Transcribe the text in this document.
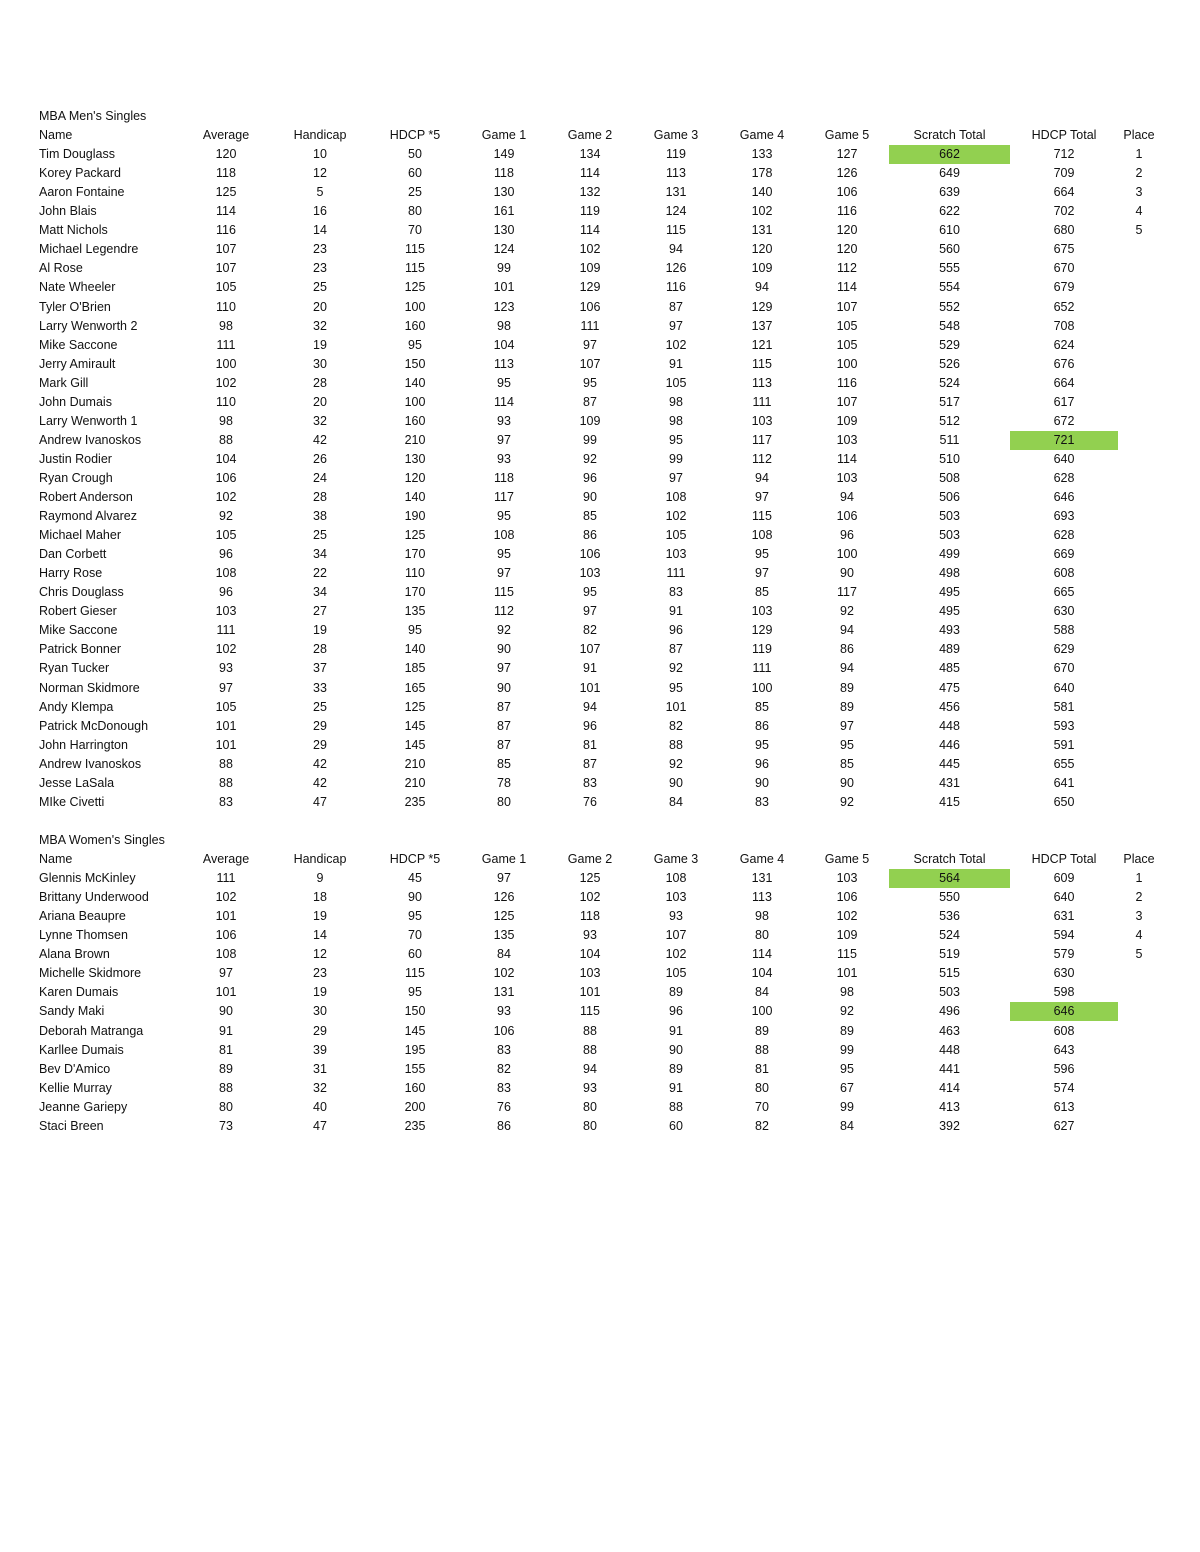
MBA Men's Singles
Name	Average	Handicap	HDCP *5	Game 1	Game 2	Game 3	Game 4	Game 5	Scratch Total	HDCP Total	Place
Tim Douglass	120	10	50	149	134	119	133	127	662	712	1
Korey Packard	118	12	60	118	114	113	178	126	649	709	2
Aaron Fontaine	125	5	25	130	132	131	140	106	639	664	3
John Blais	114	16	80	161	119	124	102	116	622	702	4
Matt Nichols	116	14	70	130	114	115	131	120	610	680	5
Michael Legendre	107	23	115	124	102	94	120	120	560	675
Al Rose	107	23	115	99	109	126	109	112	555	670
Nate Wheeler	105	25	125	101	129	116	94	114	554	679
Tyler O'Brien	110	20	100	123	106	87	129	107	552	652
Larry Wenworth 2	98	32	160	98	111	97	137	105	548	708
Mike Saccone	111	19	95	104	97	102	121	105	529	624
Jerry Amirault	100	30	150	113	107	91	115	100	526	676
Mark Gill	102	28	140	95	95	105	113	116	524	664
John Dumais	110	20	100	114	87	98	111	107	517	617
Larry Wenworth 1	98	32	160	93	109	98	103	109	512	672
Andrew Ivanoskos	88	42	210	97	99	95	117	103	511	721
Justin Rodier	104	26	130	93	92	99	112	114	510	640
Ryan Crough	106	24	120	118	96	97	94	103	508	628
Robert Anderson	102	28	140	117	90	108	97	94	506	646
Raymond Alvarez	92	38	190	95	85	102	115	106	503	693
Michael Maher	105	25	125	108	86	105	108	96	503	628
Dan Corbett	96	34	170	95	106	103	95	100	499	669
Harry Rose	108	22	110	97	103	111	97	90	498	608
Chris Douglass	96	34	170	115	95	83	85	117	495	665
Robert Gieser	103	27	135	112	97	91	103	92	495	630
Mike Saccone	111	19	95	92	82	96	129	94	493	588
Patrick Bonner	102	28	140	90	107	87	119	86	489	629
Ryan Tucker	93	37	185	97	91	92	111	94	485	670
Norman Skidmore	97	33	165	90	101	95	100	89	475	640
Andy Klempa	105	25	125	87	94	101	85	89	456	581
Patrick McDonough	101	29	145	87	96	82	86	97	448	593
John Harrington	101	29	145	87	81	88	95	95	446	591
Andrew Ivanoskos	88	42	210	85	87	92	96	85	445	655
Jesse LaSala	88	42	210	78	83	90	90	90	431	641
MIke Civetti	83	47	235	80	76	84	83	92	415	650
MBA Women's Singles
Name	Average	Handicap	HDCP *5	Game 1	Game 2	Game 3	Game 4	Game 5	Scratch Total	HDCP Total	Place
Glennis McKinley	111	9	45	97	125	108	131	103	564	609	1
Brittany Underwood	102	18	90	126	102	103	113	106	550	640	2
Ariana Beaupre	101	19	95	125	118	93	98	102	536	631	3
Lynne Thomsen	106	14	70	135	93	107	80	109	524	594	4
Alana Brown	108	12	60	84	104	102	114	115	519	579	5
Michelle Skidmore	97	23	115	102	103	105	104	101	515	630
Karen Dumais	101	19	95	131	101	89	84	98	503	598
Sandy Maki	90	30	150	93	115	96	100	92	496	646
Deborah Matranga	91	29	145	106	88	91	89	89	463	608
Karllee Dumais	81	39	195	83	88	90	88	99	448	643
Bev D'Amico	89	31	155	82	94	89	81	95	441	596
Kellie Murray	88	32	160	83	93	91	80	67	414	574
Jeanne Gariepy	80	40	200	76	80	88	70	99	413	613
Staci Breen	73	47	235	86	80	60	82	84	392	627
